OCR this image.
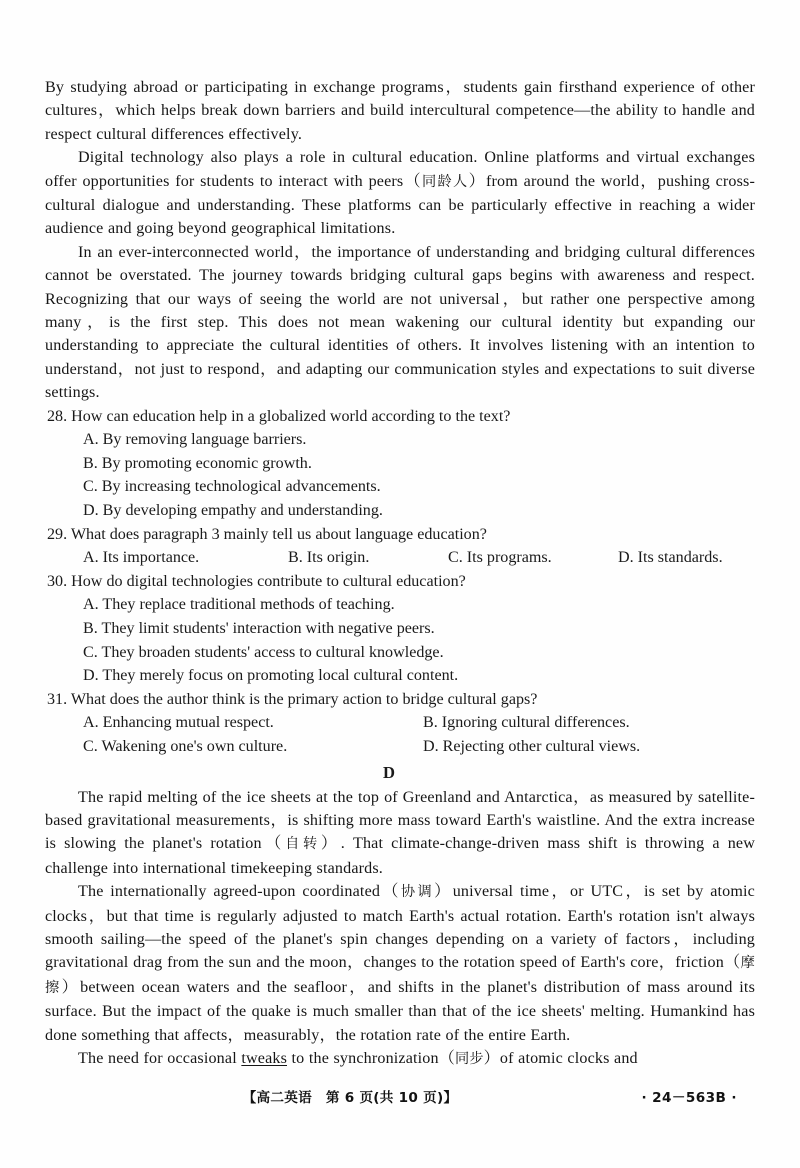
By studying abroad or participating in exchange programs，students gain firsthand experience of other cultures，which helps break down barriers and build intercultural competence—the ability to handle and respect cultural differences effectively.

Digital technology also plays a role in cultural education. Online platforms and virtual exchanges offer opportunities for students to interact with peers（同龄人）from around the world，pushing cross-cultural dialogue and understanding. These platforms can be particularly effective in reaching a wider audience and going beyond geographical limitations.

In an ever-interconnected world，the importance of understanding and bridging cultural differences cannot be overstated. The journey towards bridging cultural gaps begins with awareness and respect. Recognizing that our ways of seeing the world are not universal，but rather one perspective among many，is the first step. This does not mean wakening our cultural identity but expanding our understanding to appreciate the cultural identities of others. It involves listening with an intention to understand，not just to respond，and adapting our communication styles and expectations to suit diverse settings.

28. How can education help in a globalized world according to the text?

A. By removing language barriers.

B. By promoting economic growth.

C. By increasing technological advancements.

D. By developing empathy and understanding.

29. What does paragraph 3 mainly tell us about language education?

A. Its importance.	B. Its origin.	C. Its programs.	D. Its standards.

30. How do digital technologies contribute to cultural education?

A. They replace traditional methods of teaching.

B. They limit students' interaction with negative peers.

C. They broaden students' access to cultural knowledge.

D. They merely focus on promoting local cultural content.

31. What does the author think is the primary action to bridge cultural gaps?

A. Enhancing mutual respect.	B. Ignoring cultural differences.
C. Wakening one's own culture.	D. Rejecting other cultural views.
D

The rapid melting of the ice sheets at the top of Greenland and Antarctica，as measured by satellite-based gravitational measurements，is shifting more mass toward Earth's waistline. And the extra increase is slowing the planet's rotation（自转）. That climate-change-driven mass shift is throwing a new challenge into international timekeeping standards.

The internationally agreed-upon coordinated（协调）universal time，or UTC，is set by atomic clocks，but that time is regularly adjusted to match Earth's actual rotation. Earth's rotation isn't always smooth sailing—the speed of the planet's spin changes depending on a variety of factors，including gravitational drag from the sun and the moon，changes to the rotation speed of Earth's core，friction（摩擦）between ocean waters and the seafloor，and shifts in the planet's distribution of mass around its surface. But the impact of the quake is much smaller than that of the ice sheets' melting. Humankind has done something that affects，measurably，the rotation rate of the entire Earth.

The need for occasional tweaks to the synchronization（同步）of atomic clocks and

【高二英语　第 6 页(共 10 页)】	· 24－563B ·
